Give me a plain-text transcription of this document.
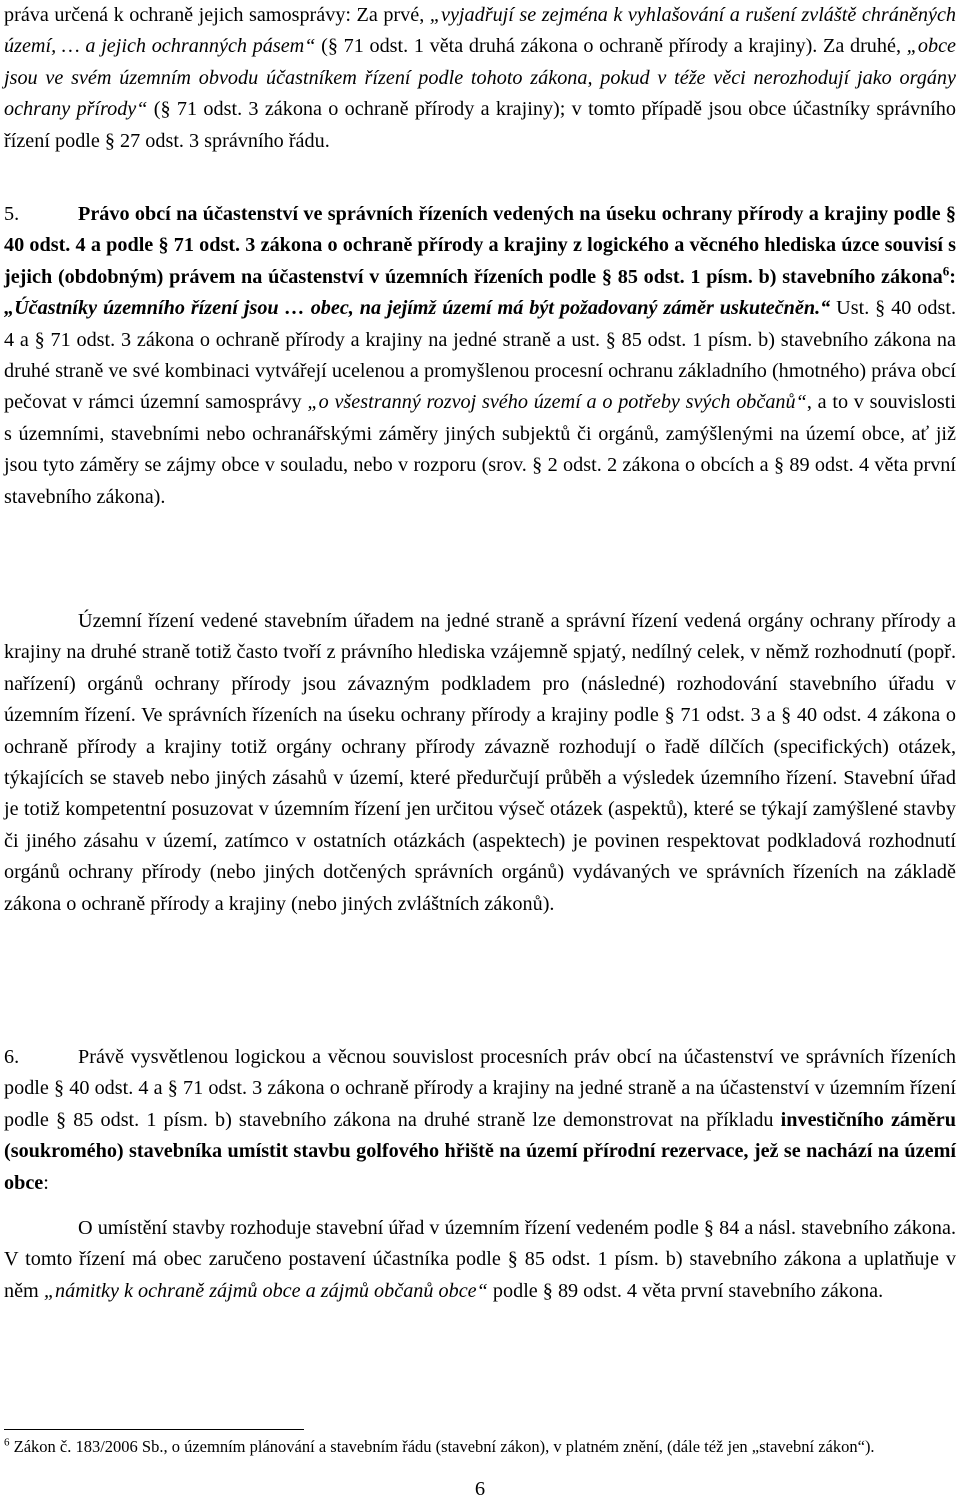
práva určená k ochraně jejich samosprávy: Za prvé, „vyjadřují se zejména k vyhlašování a rušení zvláště chráněných území, … a jejich ochranných pásem“ (§ 71 odst. 1 věta druhá zákona o ochraně přírody a krajiny). Za druhé, „obce jsou ve svém územním obvodu účastníkem řízení podle tohoto zákona, pokud v téže věci nerozhodují jako orgány ochrany přírody“ (§ 71 odst. 3 zákona o ochraně přírody a krajiny); v tomto případě jsou obce účastníky správního řízení podle § 27 odst. 3 správního řádu.

5.	Právo obcí na účastenství ve správních řízeních vedených na úseku ochrany přírody a krajiny podle § 40 odst. 4 a podle § 71 odst. 3 zákona o ochraně přírody a krajiny z logického a věcného hlediska úzce souvisí s jejich (obdobným) právem na účastenství v územních řízeních podle § 85 odst. 1 písm. b) stavebního zákona$^6$: „Účastníky územního řízení jsou … obec, na jejímž území má být požadovaný záměr uskutečněn.“ Ust. § 40 odst. 4 a § 71 odst. 3 zákona o ochraně přírody a krajiny na jedné straně a ust. § 85 odst. 1 písm. b) stavebního zákona na druhé straně ve své kombinaci vytvářejí ucelenou a promyšlenou procesní ochranu základního (hmotného) práva obcí pečovat v rámci územní samosprávy „o všestranný rozvoj svého území a o potřeby svých občanů“, a to v souvislosti s územními, stavebními nebo ochranářskými záměry jiných subjektů či orgánů, zamýšlenými na území obce, ať již jsou tyto záměry se zájmy obce v souladu, nebo v rozporu (srov. § 2 odst. 2 zákona o obcích a § 89 odst. 4 věta první stavebního zákona).

Územní řízení vedené stavebním úřadem na jedné straně a správní řízení vedená orgány ochrany přírody a krajiny na druhé straně totiž často tvoří z právního hlediska vzájemně spjatý, nedílný celek, v němž rozhodnutí (popř. nařízení) orgánů ochrany přírody jsou závazným podkladem pro (následné) rozhodování stavebního úřadu v územním řízení. Ve správních řízeních na úseku ochrany přírody a krajiny podle § 71 odst. 3 a § 40 odst. 4 zákona o ochraně přírody a krajiny totiž orgány ochrany přírody závazně rozhodují o řadě dílčích (specifických) otázek, týkajících se staveb nebo jiných zásahů v území, které předurčují průběh a výsledek územního řízení. Stavební úřad je totiž kompetentní posuzovat v územním řízení jen určitou výseč otázek (aspektů), které se týkají zamýšlené stavby či jiného zásahu v území, zatímco v ostatních otázkách (aspektech) je povinen respektovat podkladová rozhodnutí orgánů ochrany přírody (nebo jiných dotčených správních orgánů) vydávaných ve správních řízeních na základě zákona o ochraně přírody a krajiny (nebo jiných zvláštních zákonů).

6.	Právě vysvětlenou logickou a věcnou souvislost procesních práv obcí na účastenství ve správních řízeních podle § 40 odst. 4 a § 71 odst. 3 zákona o ochraně přírody a krajiny na jedné straně a na účastenství v územním řízení podle § 85 odst. 1 písm. b) stavebního zákona na druhé straně lze demonstrovat na příkladu investičního záměru (soukromého) stavebníka umístit stavbu golfového hřiště na území přírodní rezervace, jež se nachází na území obce:

O umístění stavby rozhoduje stavební úřad v územním řízení vedeném podle § 84 a násl. stavebního zákona. V tomto řízení má obec zaručeno postavení účastníka podle § 85 odst. 1 písm. b) stavebního zákona a uplatňuje v něm „námitky k ochraně zájmů obce a zájmů občanů obce“ podle § 89 odst. 4 věta první stavebního zákona.

$^6$ Zákon č. 183/2006 Sb., o územním plánování a stavebním řádu (stavební zákon), v platném znění, (dále též jen „stavební zákon“).
6
